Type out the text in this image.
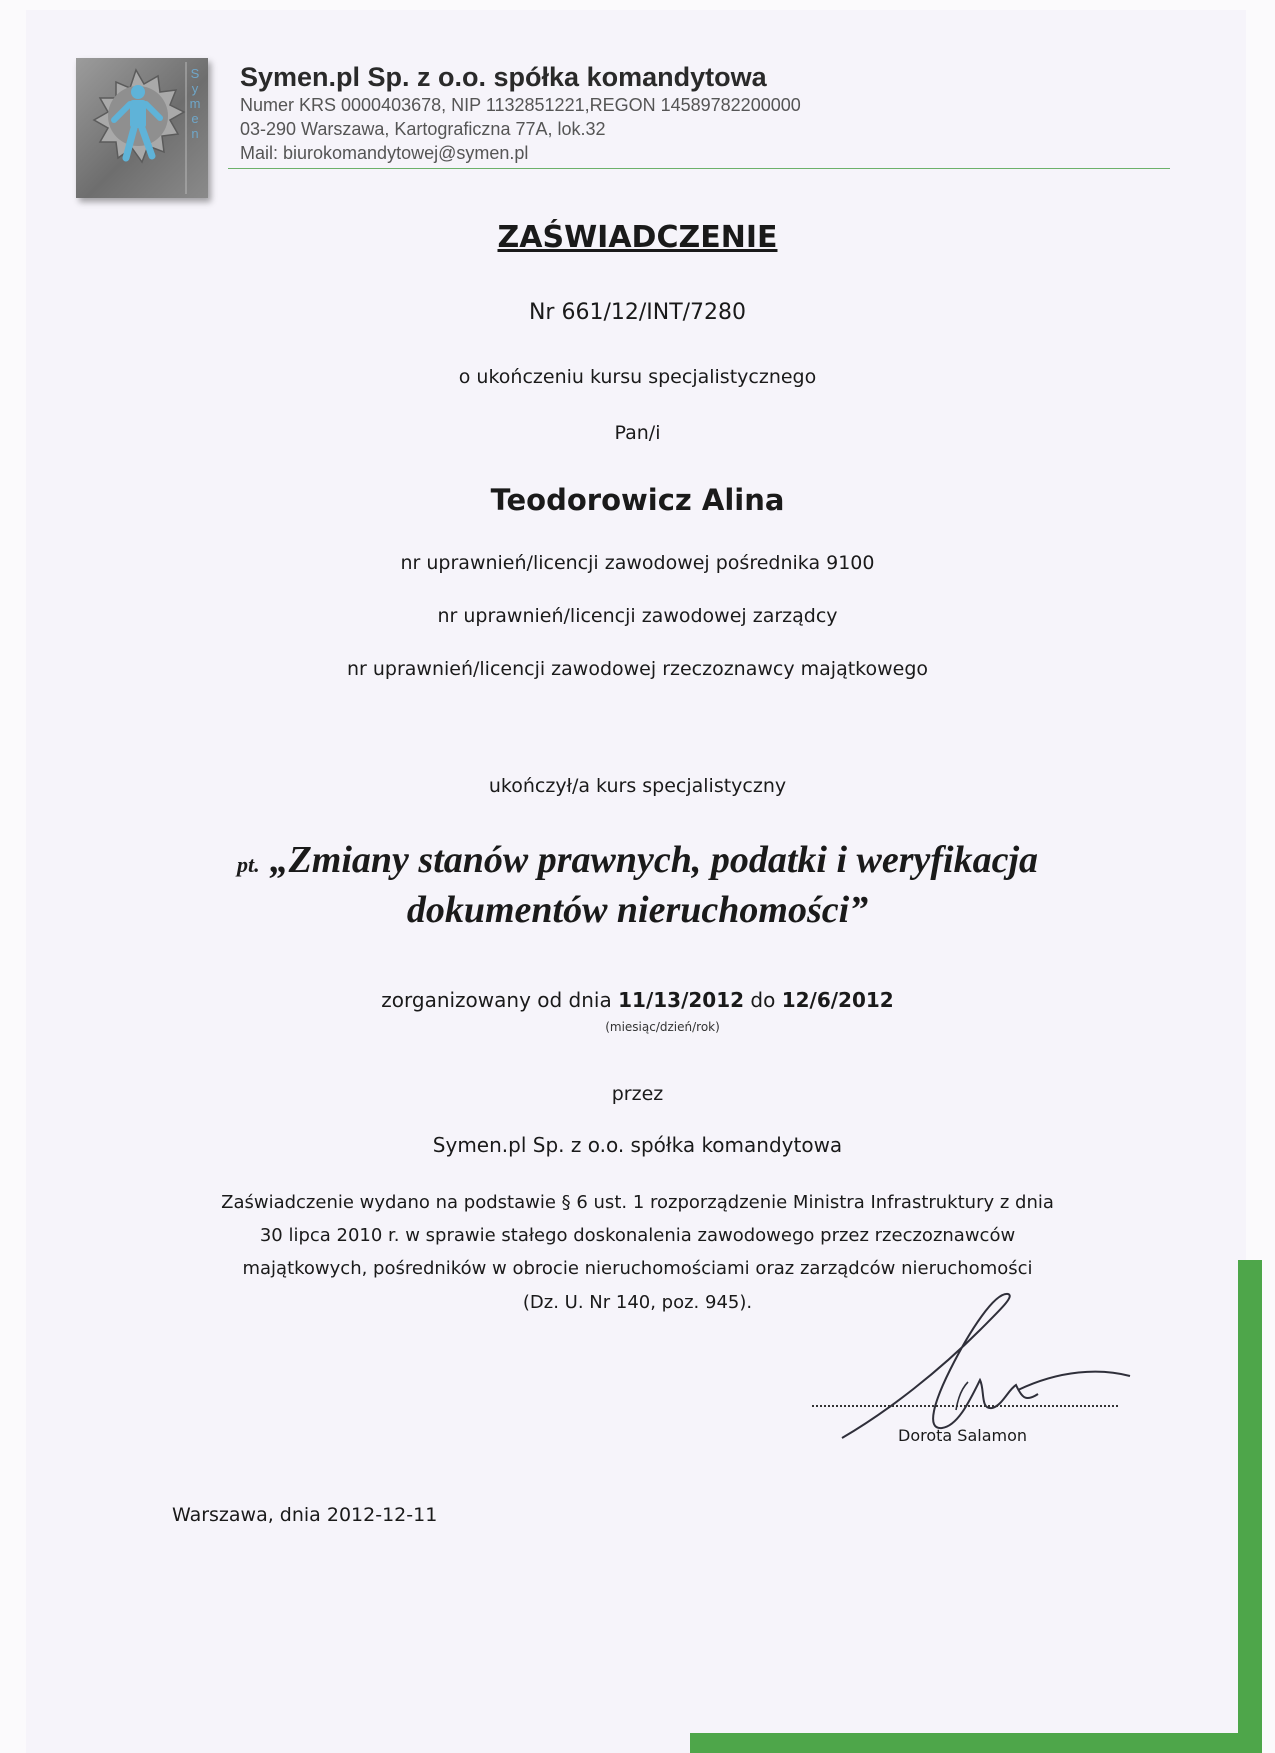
Symen
Symen.pl Sp. z o.o. spółka komandytowa
Numer KRS 0000403678, NIP 1132851221,REGON 14589782200000
03-290 Warszawa, Kartograficzna 77A, lok.32
Mail: biurokomandytowej@symen.pl
ZAŚWIADCZENIE
Nr 661/12/INT/7280
o ukończeniu kursu specjalistycznego
Pan/i
Teodorowicz Alina
nr uprawnień/licencji zawodowej pośrednika 9100
nr uprawnień/licencji zawodowej zarządcy
nr uprawnień/licencji zawodowej rzeczoznawcy majątkowego
ukończył/a kurs specjalistyczny
pt. „Zmiany stanów prawnych, podatki i weryfikacja
dokumentów nieruchomości”
zorganizowany od dnia 11/13/2012 do 12/6/2012
(miesiąc/dzień/rok)
przez
Symen.pl Sp. z o.o. spółka komandytowa
Zaświadczenie wydano na podstawie § 6 ust. 1 rozporządzenie Ministra Infrastruktury z dnia
30 lipca 2010 r. w sprawie stałego doskonalenia zawodowego przez rzeczoznawców
majątkowych, pośredników w obrocie nieruchomościami oraz zarządców nieruchomości
(Dz. U. Nr 140, poz. 945).
Dorota Salamon
Warszawa, dnia 2012-12-11
